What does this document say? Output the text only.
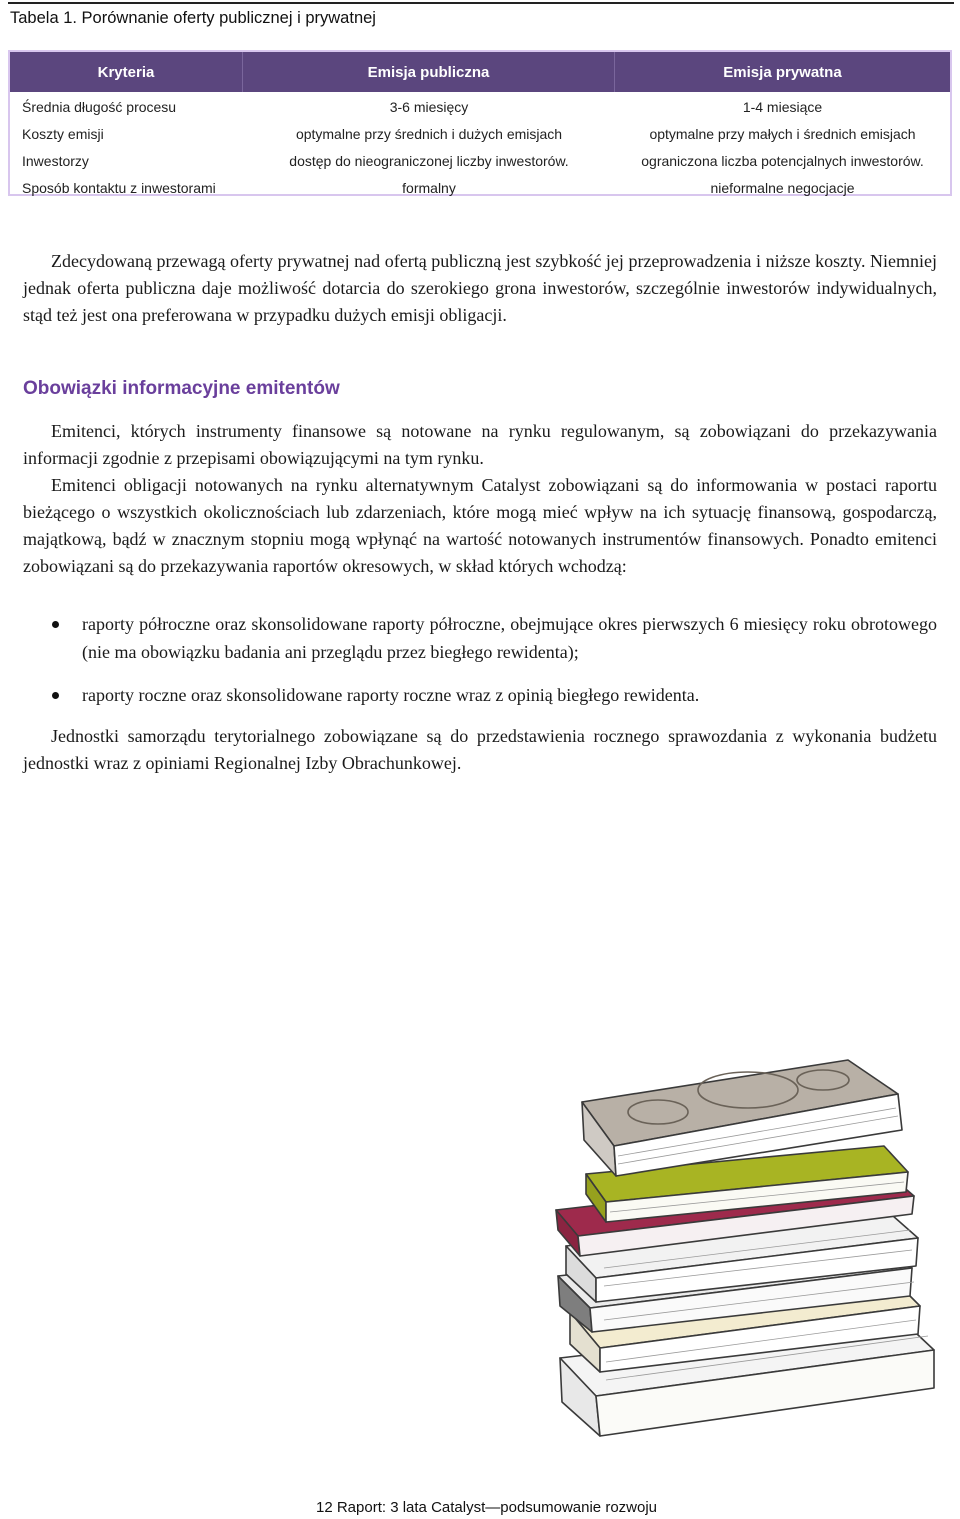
Tabela 1. Porównanie oferty publicznej i prywatnej
Kryteria	Emisja publiczna	Emisja prywatna
Średnia długość procesu	3-6 miesięcy	1-4 miesiące
Koszty emisji	optymalne przy średnich i dużych emisjach	optymalne przy małych i średnich emisjach
Inwestorzy	dostęp do nieograniczonej liczby inwestorów.	ograniczona liczba potencjalnych inwestorów.
Sposób kontaktu z inwestorami	formalny	nieformalne negocjacje
Zdecydowaną przewagą oferty prywatnej nad ofertą publiczną jest szybkość jej przeprowadzenia i niższe koszty. Niemniej jednak oferta publiczna daje możliwość dotarcia do szerokiego grona inwestorów, szczególnie inwestorów indywidualnych, stąd też jest ona preferowana w przypadku dużych emisji obligacji.
Obowiązki informacyjne emitentów
Emitenci, których instrumenty finansowe są notowane na rynku regulowanym, są zobowiązani do przekazywania informacji zgodnie z przepisami obowiązującymi na tym rynku.
Emitenci obligacji notowanych na rynku alternatywnym Catalyst zobowiązani są do informowania w postaci raportu bieżącego o wszystkich okolicznościach lub zdarzeniach, które mogą mieć wpływ na ich sytuację finansową, gospodarczą, majątkową, bądź w znacznym stopniu mogą wpłynąć na wartość notowanych instrumentów finansowych. Ponadto emitenci zobowiązani są do przekazywania raportów okresowych, w skład których wchodzą:
raporty półroczne oraz skonsolidowane raporty półroczne, obejmujące okres pierwszych 6 miesięcy roku obrotowego (nie ma obowiązku badania ani przeglądu przez biegłego rewidenta);
raporty roczne oraz skonsolidowane raporty roczne wraz z opinią biegłego rewidenta.
Jednostki samorządu terytorialnego zobowiązane są do przedstawienia rocznego sprawozdania z wykonania budżetu jednostki wraz z opiniami Regionalnej Izby Obrachunkowej.
12 Raport: 3 lata Catalyst—podsumowanie rozwoju
